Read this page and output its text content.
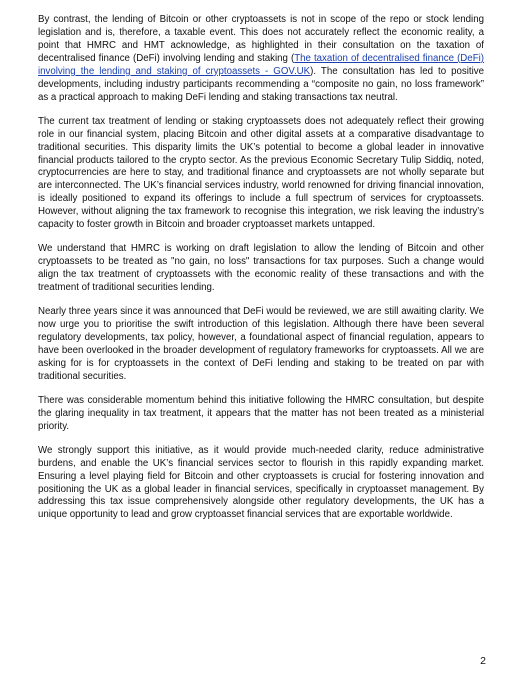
By contrast, the lending of Bitcoin or other cryptoassets is not in scope of the repo or stock lending legislation and is, therefore, a taxable event. This does not accurately reflect the economic reality, a point that HMRC and HMT acknowledge, as highlighted in their consultation on the taxation of decentralised finance (DeFi) involving lending and staking (The taxation of decentralised finance (DeFi) involving the lending and staking of cryptoassets - GOV.UK). The consultation has led to positive developments, including industry participants recommending a “composite no gain, no loss framework” as a practical approach to making DeFi lending and staking transactions tax neutral.

The current tax treatment of lending or staking cryptoassets does not adequately reflect their growing role in our financial system, placing Bitcoin and other digital assets at a comparative disadvantage to traditional securities. This disparity limits the UK’s potential to become a global leader in innovative financial products tailored to the crypto sector. As the previous Economic Secretary Tulip Siddiq, noted, cryptocurrencies are here to stay, and traditional finance and cryptoassets are not wholly separate but are interconnected. The UK’s financial services industry, world renowned for driving financial innovation, is ideally positioned to expand its offerings to include a full spectrum of services for cryptoassets. However, without aligning the tax framework to recognise this integration, we risk leaving the industry’s capacity to foster growth in Bitcoin and broader cryptoasset markets untapped.

We understand that HMRC is working on draft legislation to allow the lending of Bitcoin and other cryptoassets to be treated as "no gain, no loss" transactions for tax purposes. Such a change would align the tax treatment of cryptoassets with the economic reality of these transactions and with the treatment of traditional securities lending.

Nearly three years since it was announced that DeFi would be reviewed, we are still awaiting clarity. We now urge you to prioritise the swift introduction of this legislation. Although there have been several regulatory developments, tax policy, however, a foundational aspect of financial regulation, appears to have been overlooked in the broader development of regulatory frameworks for cryptoassets. All we are asking for is for cryptoassets in the context of DeFi lending and staking to be treated on par with traditional securities.

There was considerable momentum behind this initiative following the HMRC consultation, but despite the glaring inequality in tax treatment, it appears that the matter has not been treated as a ministerial priority.

We strongly support this initiative, as it would provide much-needed clarity, reduce administrative burdens, and enable the UK’s financial services sector to flourish in this rapidly expanding market. Ensuring a level playing field for Bitcoin and other cryptoassets is crucial for fostering innovation and positioning the UK as a global leader in financial services, specifically in cryptoasset management. By addressing this tax issue comprehensively alongside other regulatory developments, the UK has a unique opportunity to lead and grow cryptoasset financial services that are exportable worldwide.

2
